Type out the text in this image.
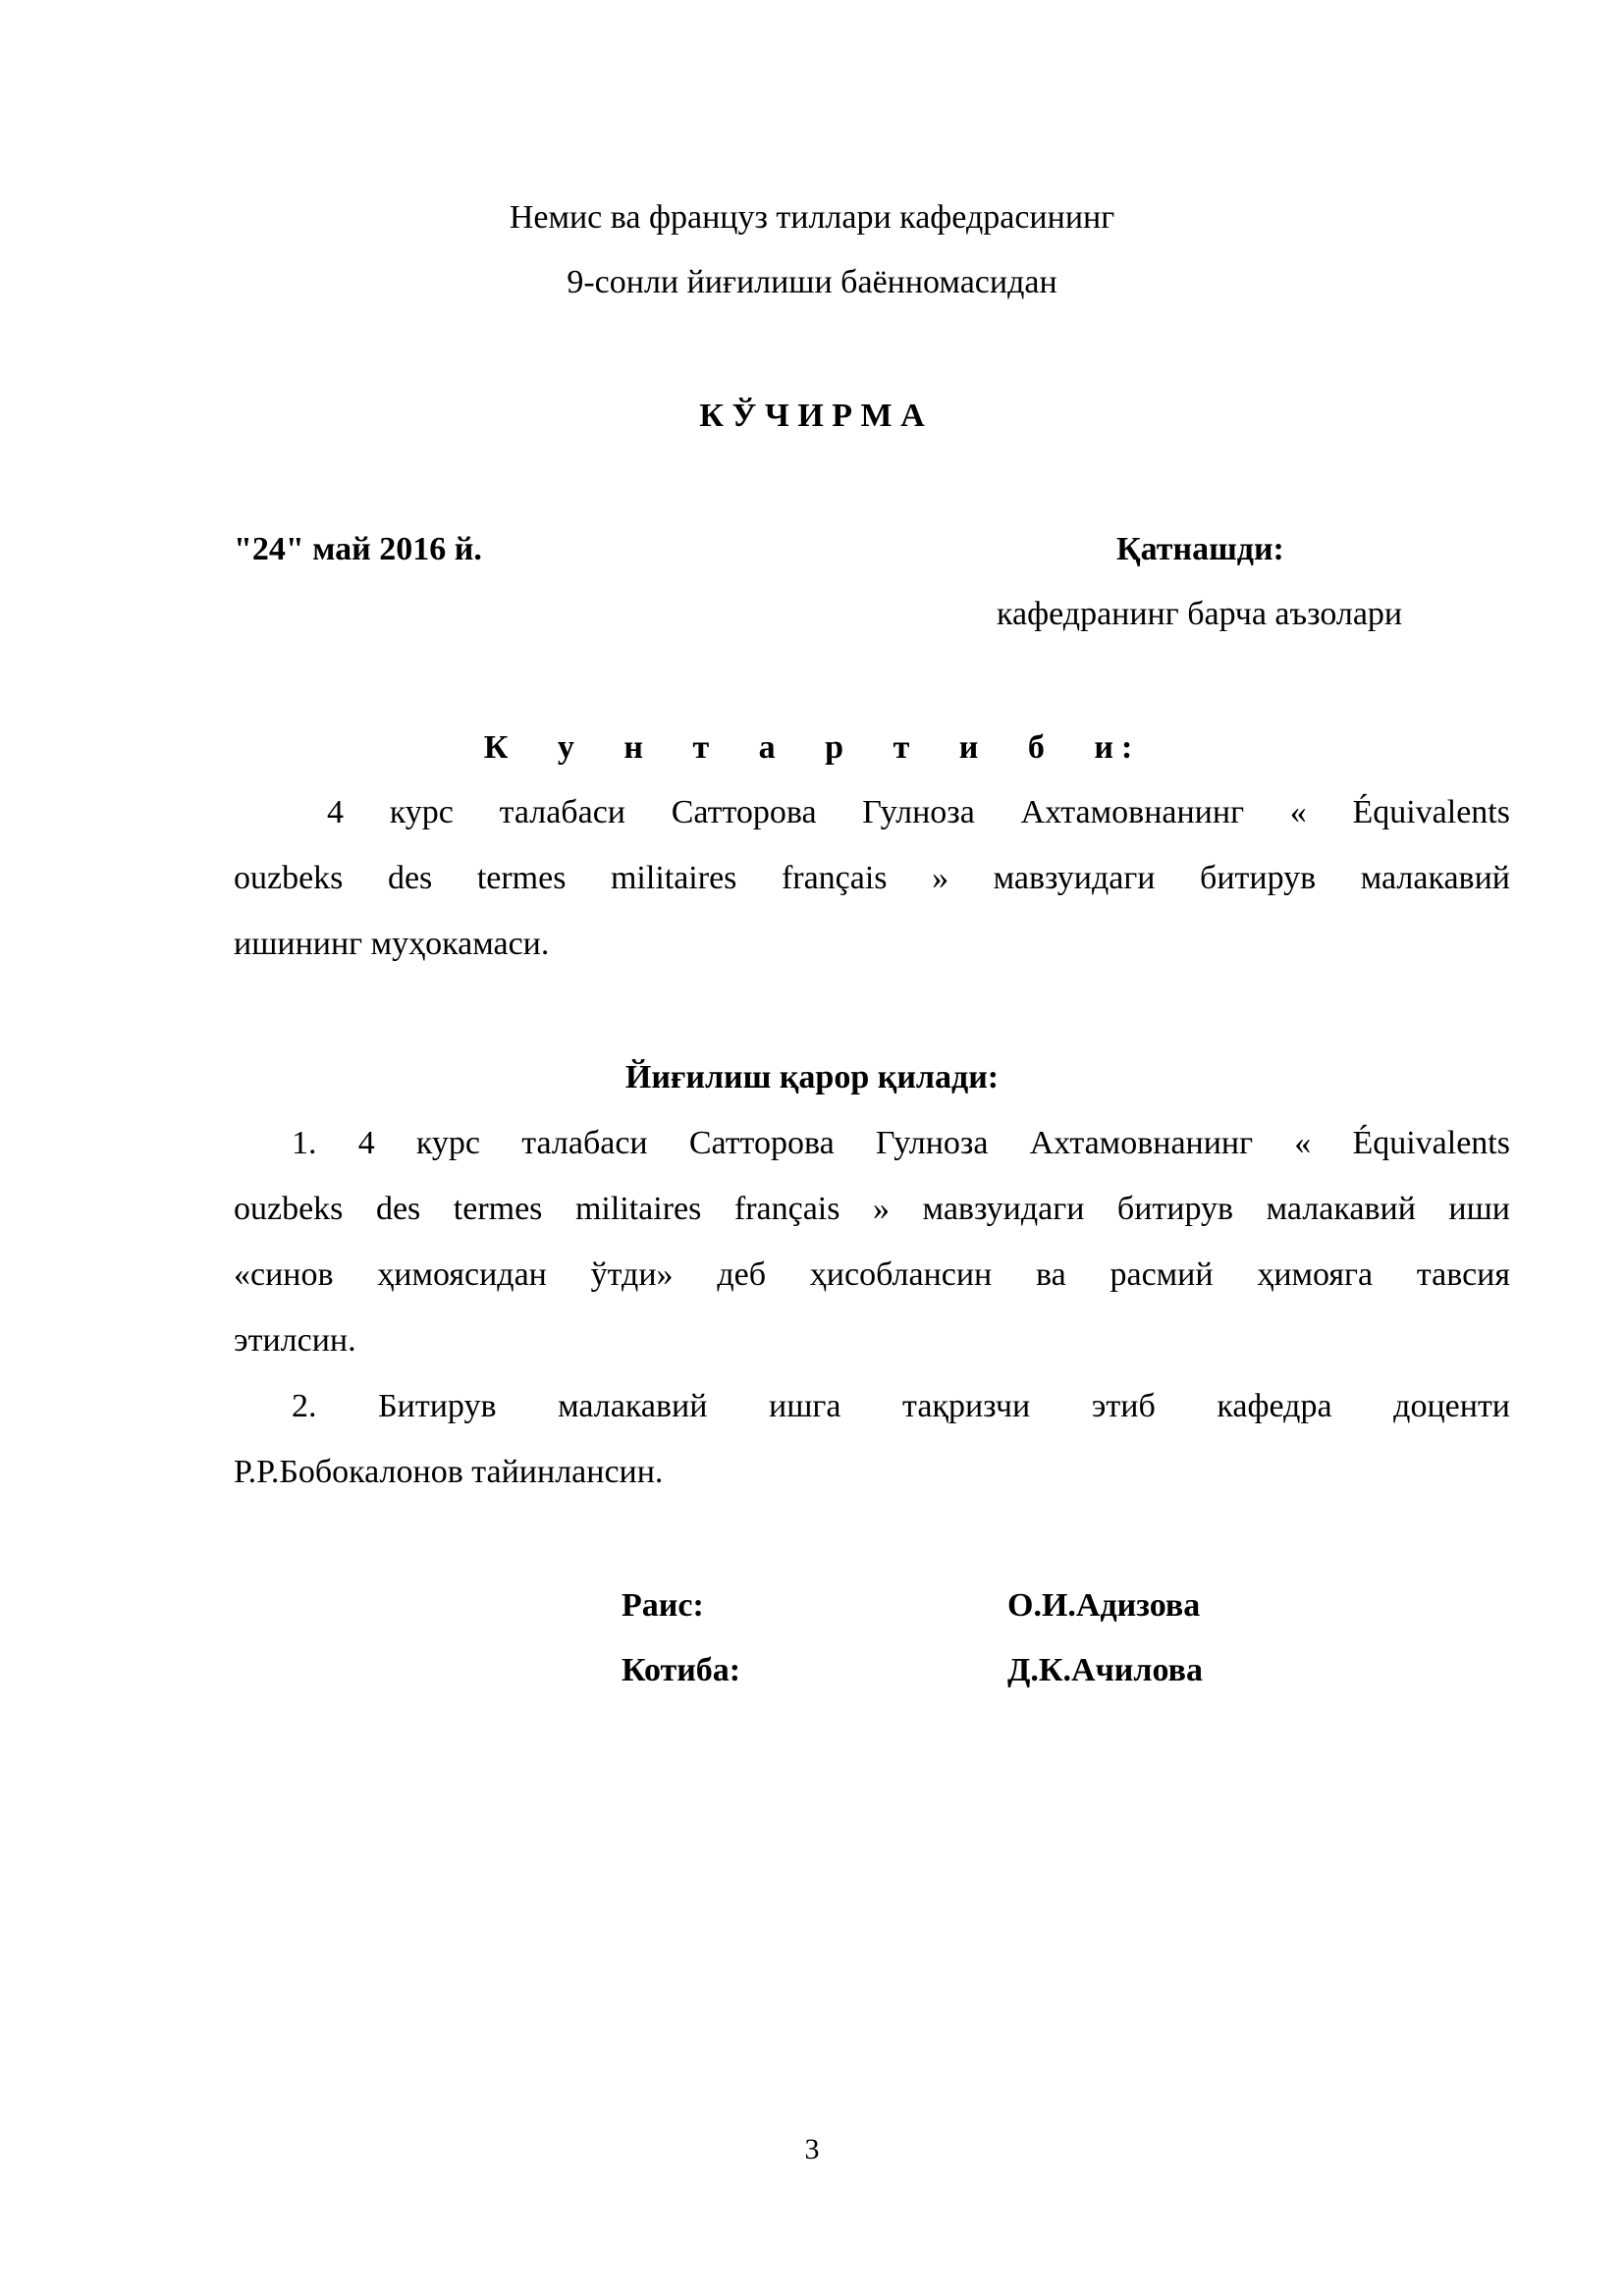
Немис ва француз тиллари кафедрасининг
9-сонли йиғилиши баённомасидан
К Ў Ч И Р М А
"24" май 2016 й.	Қатнашди:
кафедранинг барча аъзолари
К у н т а р т и б и:
4 курс талабаси Сатторова Гулноза Ахтамовнанинг « Équivalents
ouzbeks des termes militaires français » мавзуидаги битирув малакавий
ишининг муҳокамаси.
Йиғилиш қарор қилади:
1. 4 курс талабаси Сатторова Гулноза Ахтамовнанинг « Équivalents
ouzbeks des termes militaires français » мавзуидаги битирув малакавий иши
«синов ҳимоясидан ўтди» деб ҳисоблансин ва расмий ҳимояга тавсия
этилсин.
2. Битирув малакавий ишга тақризчи этиб кафедра доценти
Р.Р.Бобокалонов тайинлансин.
Раис:	О.И.Адизова
Котиба:	Д.К.Ачилова
3
